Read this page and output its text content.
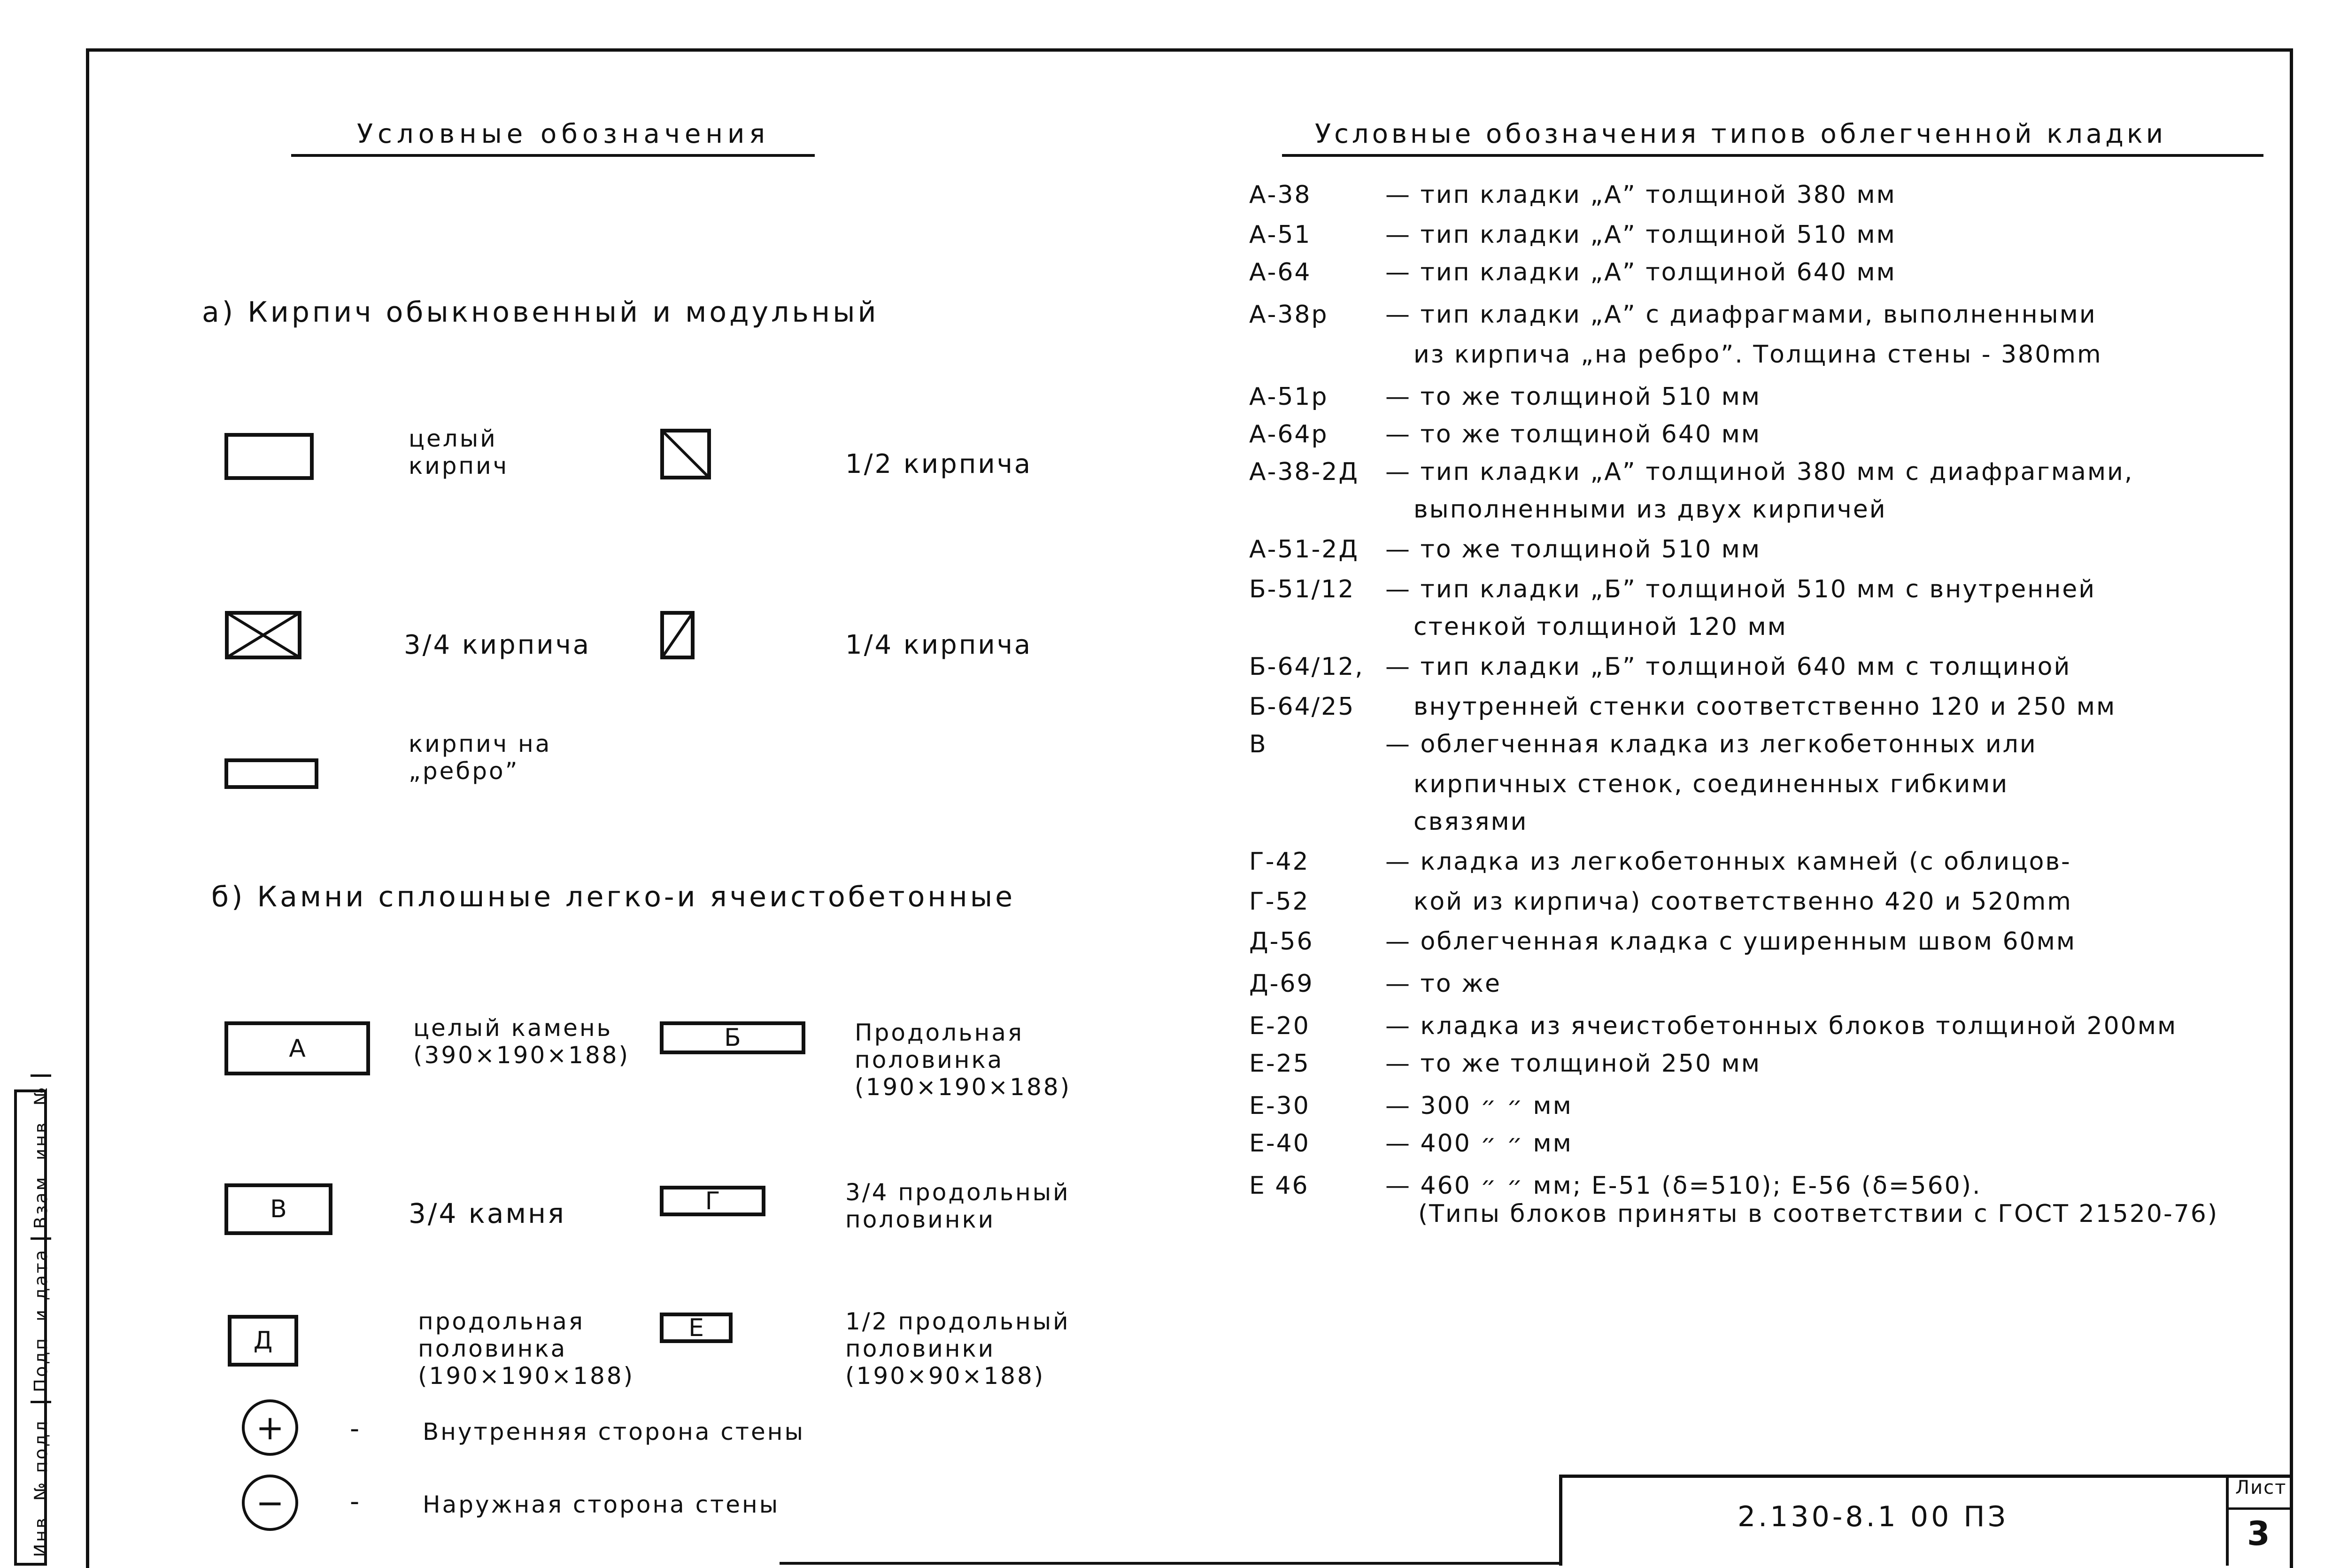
Условные обозначения	Условные обозначения типов облегченной кладки
а) Кирпич обыкновенный и модульный
целый кирпич	1/2 кирпича
3/4 кирпича	1/4 кирпича
кирпич на „ребро”
б) Камни сплошные легко-и ячеистобетонные
А
целый камень
(390×190×188)
Б	Продольная половинка
(190×190×188)
В	3/4 камня	Г	3/4 продольный половинки
Д
продольная половинка
(190×190×188)
Е	1/2 продольный половинки
(190×90×188)
+	-	Внутренняя сторона стены
−	-	Наружная сторона стены
А-38	— тип кладки „А” толщиной 380 мм
А-51	— тип кладки „А” толщиной 510 мм
А-64	— тип кладки „А” толщиной 640 мм
А-38р	— тип кладки „А” с диафрагмами, выполненными
из кирпича „на ребро”. Толщина стены - 380mm
А-51р	— то же толщиной 510 мм
А-64р	— то же толщиной 640 мм
А-38-2Д	— тип кладки „А” толщиной 380 мм с диафрагмами,
выполненными из двух кирпичей
А-51-2Д	— то же толщиной 510 мм
Б-51/12	— тип кладки „Б” толщиной 510 мм с внутренней
стенкой толщиной 120 мм
Б-64/12, — тип кладки „Б” толщиной 640 мм с толщиной
Б-64/25	внутренней стенки соответственно 120 и 250 мм
В	— облегченная кладка из легкобетонных или
кирпичных стенок, соединенных гибкими
связями
Г-42	— кладка из легкобетонных камней (с облицов-
Г-52	кой из кирпича) соответственно 420 и 520mm
Д-56	— облегченная кладка с уширенным швом 60мм
Д-69	— то же
Е-20	— кладка из ячеистобетонных блоков толщиной 200мм
Е-25	— то же толщиной 250 мм
Е-30	— ״ ״ 300 мм
Е-40	— ״ ״ 400 мм
Е 46	— ״ ״ 460 мм; Е-51 (δ=510); Е-56 (δ=560).
(Типы блоков приняты в соответствии с ГОСТ 21520-76)
2.130-8.1 00 ПЗ
Лист
3
Инв. № подл.
Подп. и дата
Взам. инв. №
